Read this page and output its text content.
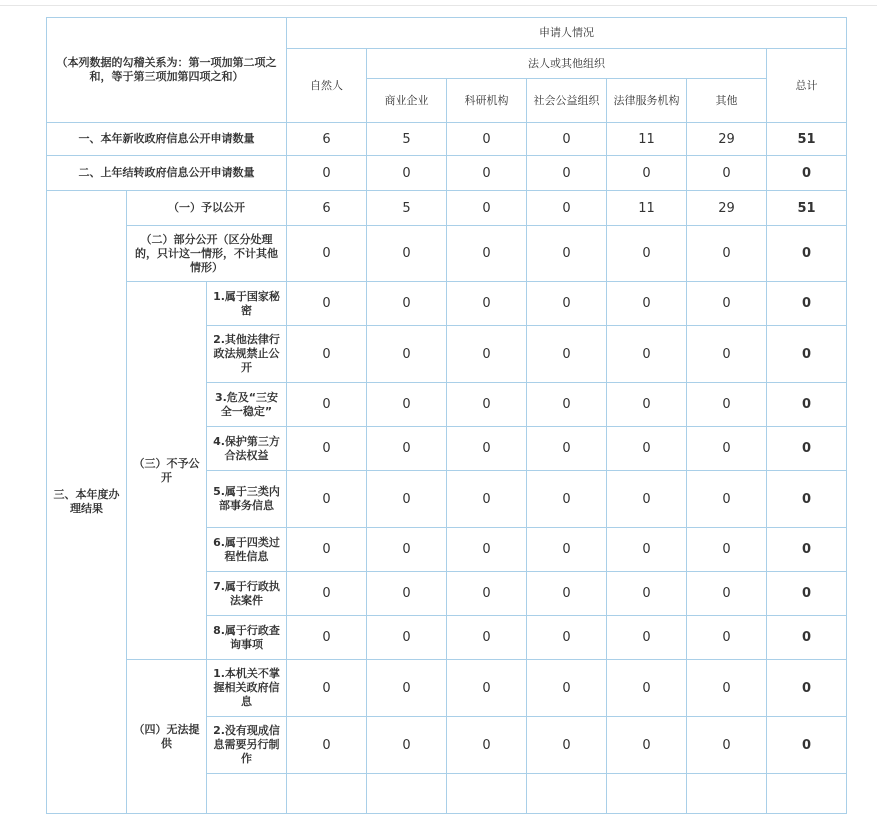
（本列数据的勾稽关系为：第一项加第二项之和，等于第三项加第四项之和）			申请人情况						
			自然人	法人或其他组织					总计
				商业企业	科研机构	社会公益组织	法律服务机构	其他	
一、本年新收政府信息公开申请数量			6	5	0	0	11	29	51
二、上年结转政府信息公开申请数量			0	0	0	0	0	0	0
三、本年度办理结果	（一）予以公开		6	5	0	0	11	29	51
	（二）部分公开（区分处理的，只计这一情形，不计其他情形）		0	0	0	0	0	0	0
	（三）不予公开	1.属于国家秘密	0	0	0	0	0	0	0
		2.其他法律行政法规禁止公开	0	0	0	0	0	0	0
		3.危及“三安全一稳定”	0	0	0	0	0	0	0
		4.保护第三方合法权益	0	0	0	0	0	0	0
		5.属于三类内部事务信息	0	0	0	0	0	0	0
		6.属于四类过程性信息	0	0	0	0	0	0	0
		7.属于行政执法案件	0	0	0	0	0	0	0
		8.属于行政查询事项	0	0	0	0	0	0	0
	（四）无法提供	1.本机关不掌握相关政府信息	0	0	0	0	0	0	0
		2.没有现成信息需要另行制作	0	0	0	0	0	0	0
